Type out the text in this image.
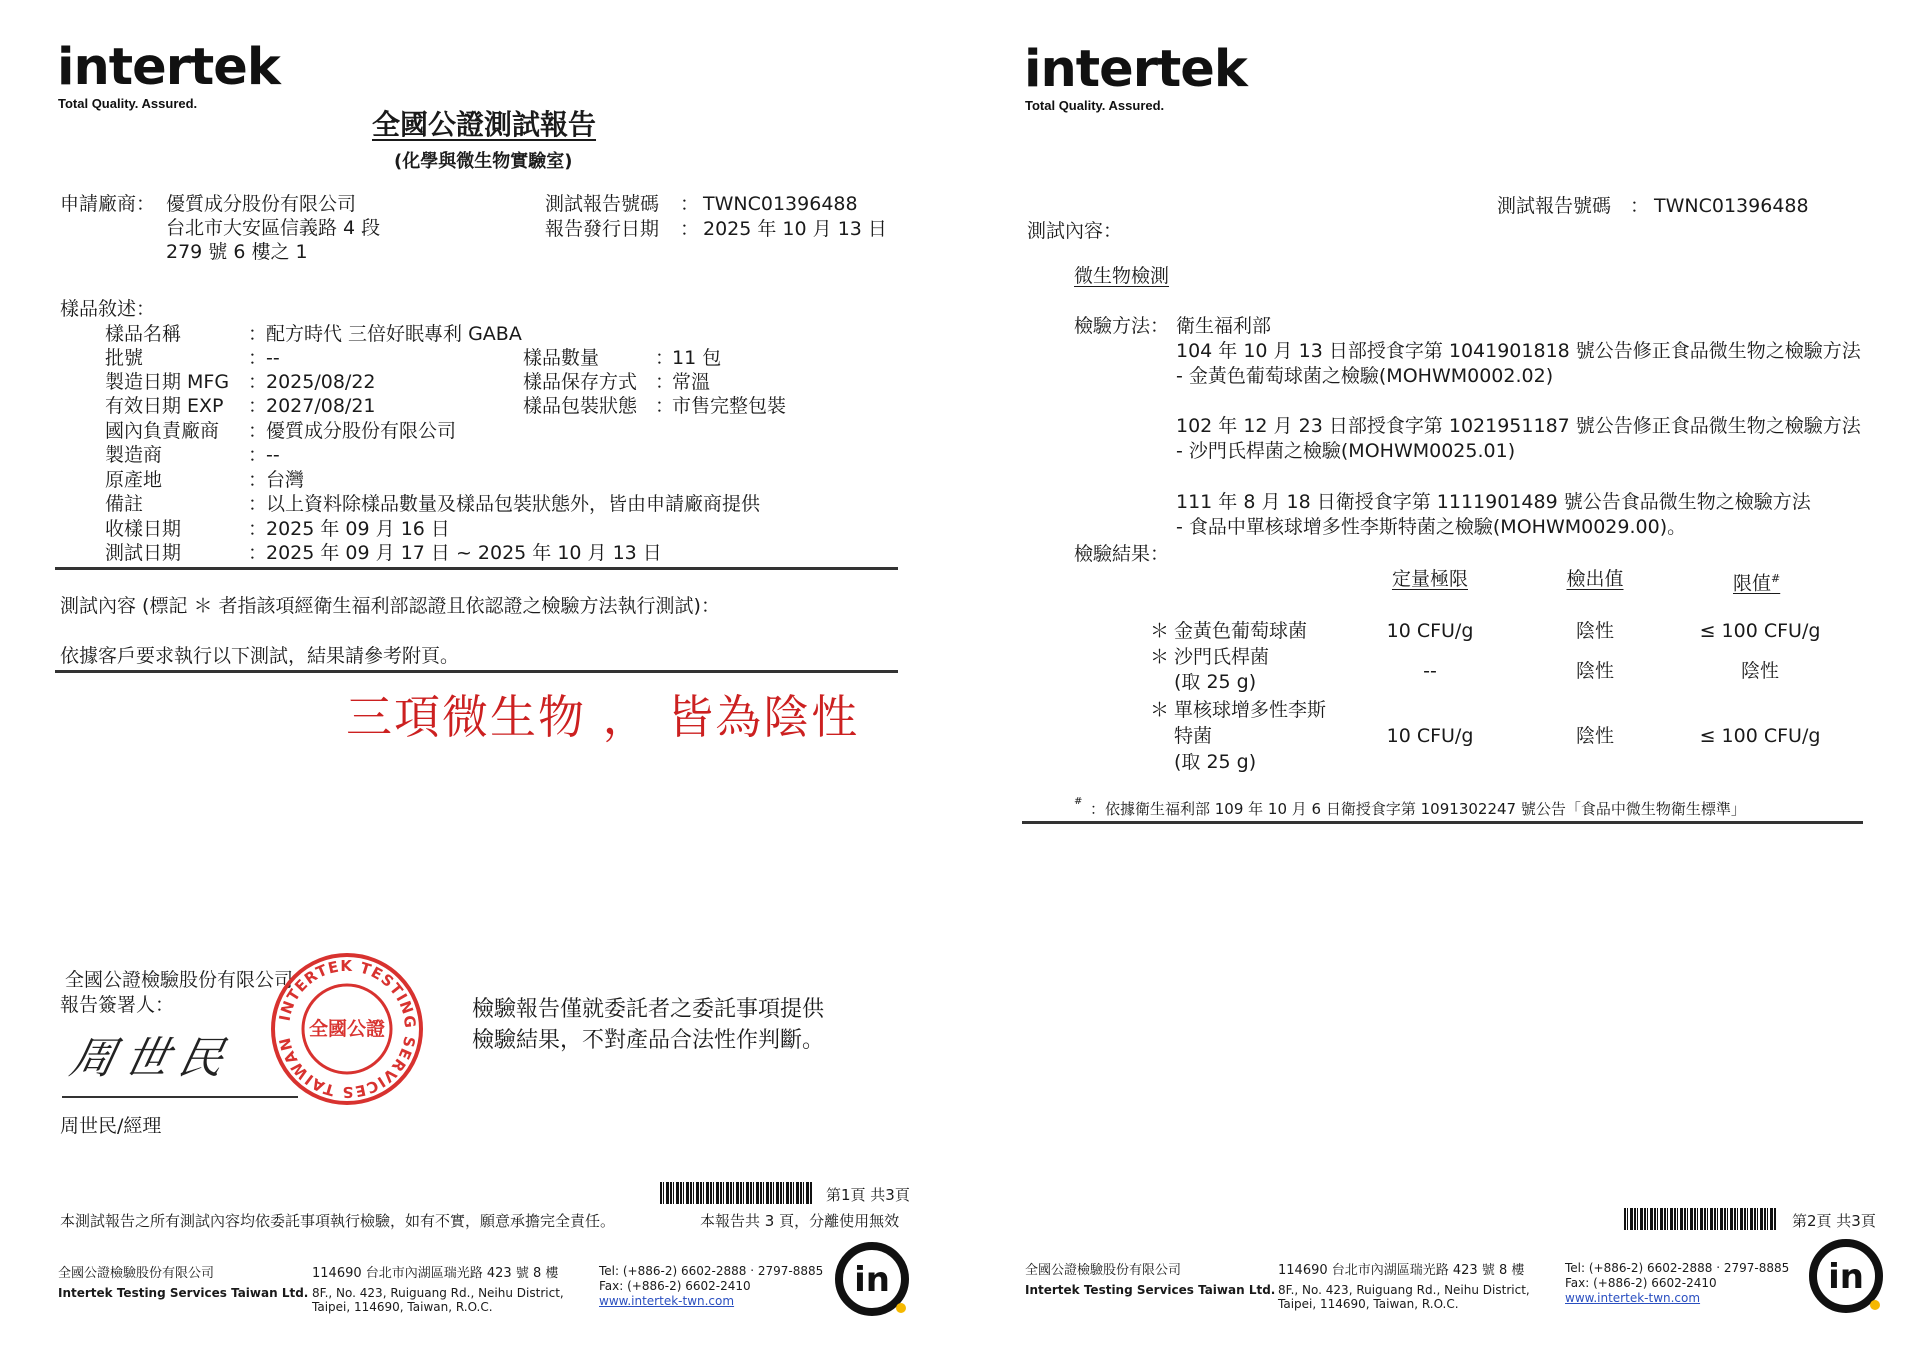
intertek
Total Quality. Assured.
全國公證測試報告
(化學與微生物實驗室)
申請廠商： 優質成分股份有限公司
台北市大安區信義路 4 段
279 號 6 樓之 1
測試報告號碼 ： TWNC01396488
報告發行日期 ： 2025 年 10 月 13 日
樣品敘述：
樣品名稱	：
配方時代 三倍好眠專利 GABA
批號	：
--
製造日期 MFG ：
2025/08/22
有效日期 EXP ：
2027/08/21
國內負責廠商 ：
優質成分股份有限公司
製造商	：
--
原產地	：
台灣
備註	：
以上資料除樣品數量及樣品包裝狀態外，皆由申請廠商提供
收樣日期	：
2025 年 09 月 16 日
測試日期	：
2025 年 09 月 17 日 ~ 2025 年 10 月 13 日
樣品數量	：
11 包
樣品保存方式 ：
常溫
樣品包裝狀態 ：
市售完整包裝
測試內容 (標記 ＊ 者指該項經衛生福利部認證且依認證之檢驗方法執行測試)：
依據客戶要求執行以下測試，結果請參考附頁。
三項微生物 ， 皆為陰性
全國公證檢驗股份有限公司
報告簽署人：
周世民
周世民/經理
INTERTEK TESTING SERVICES TAIWAN
全國公證
檢驗報告僅就委託者之委託事項提供
檢驗結果，不對產品合法性作判斷。
第1頁 共3頁
本測試報告之所有測試內容均依委託事項執行檢驗，如有不實，願意承擔完全責任。	本報告共 3 頁，分離使用無效
全國公證檢驗股份有限公司
Intertek Testing Services Taiwan Ltd.
114690 台北市內湖區瑞光路 423 號 8 樓
8F., No. 423, Ruiguang Rd., Neihu District,
Taipei, 114690, Taiwan, R.O.C.
Tel: (+886-2) 6602-2888 ‧ 2797-8885
Fax: (+886-2) 6602-2410
www.intertek-twn.com
in
intertek
Total Quality. Assured.
測試報告號碼 ： TWNC01396488
測試內容：
微生物檢測
檢驗方法： 衛生福利部
104 年 10 月 13 日部授食字第 1041901818 號公告修正食品微生物之檢驗方法
- 金黃色葡萄球菌之檢驗(MOHWM0002.02)
102 年 12 月 23 日部授食字第 1021951187 號公告修正食品微生物之檢驗方法
- 沙門氏桿菌之檢驗(MOHWM0025.01)
111 年 8 月 18 日衛授食字第 1111901489 號公告食品微生物之檢驗方法
- 食品中單核球增多性李斯特菌之檢驗(MOHWM0029.00)。
檢驗結果：
定量極限	檢出值	限值#
＊ 金黃色葡萄球菌	10 CFU/g	陰性	≤ 100 CFU/g
＊ 沙門氏桿菌
(取 25 g)	--	陰性	陰性
＊ 單核球增多性李斯
特菌
(取 25 g)
10 CFU/g	陰性	≤ 100 CFU/g
# ：依據衛生福利部 109 年 10 月 6 日衛授食字第 1091302247 號公告「食品中微生物衛生標準」
第2頁 共3頁
全國公證檢驗股份有限公司
Intertek Testing Services Taiwan Ltd.
114690 台北市內湖區瑞光路 423 號 8 樓
8F., No. 423, Ruiguang Rd., Neihu District,
Taipei, 114690, Taiwan, R.O.C.
Tel: (+886-2) 6602-2888 ‧ 2797-8885
Fax: (+886-2) 6602-2410
www.intertek-twn.com
in
